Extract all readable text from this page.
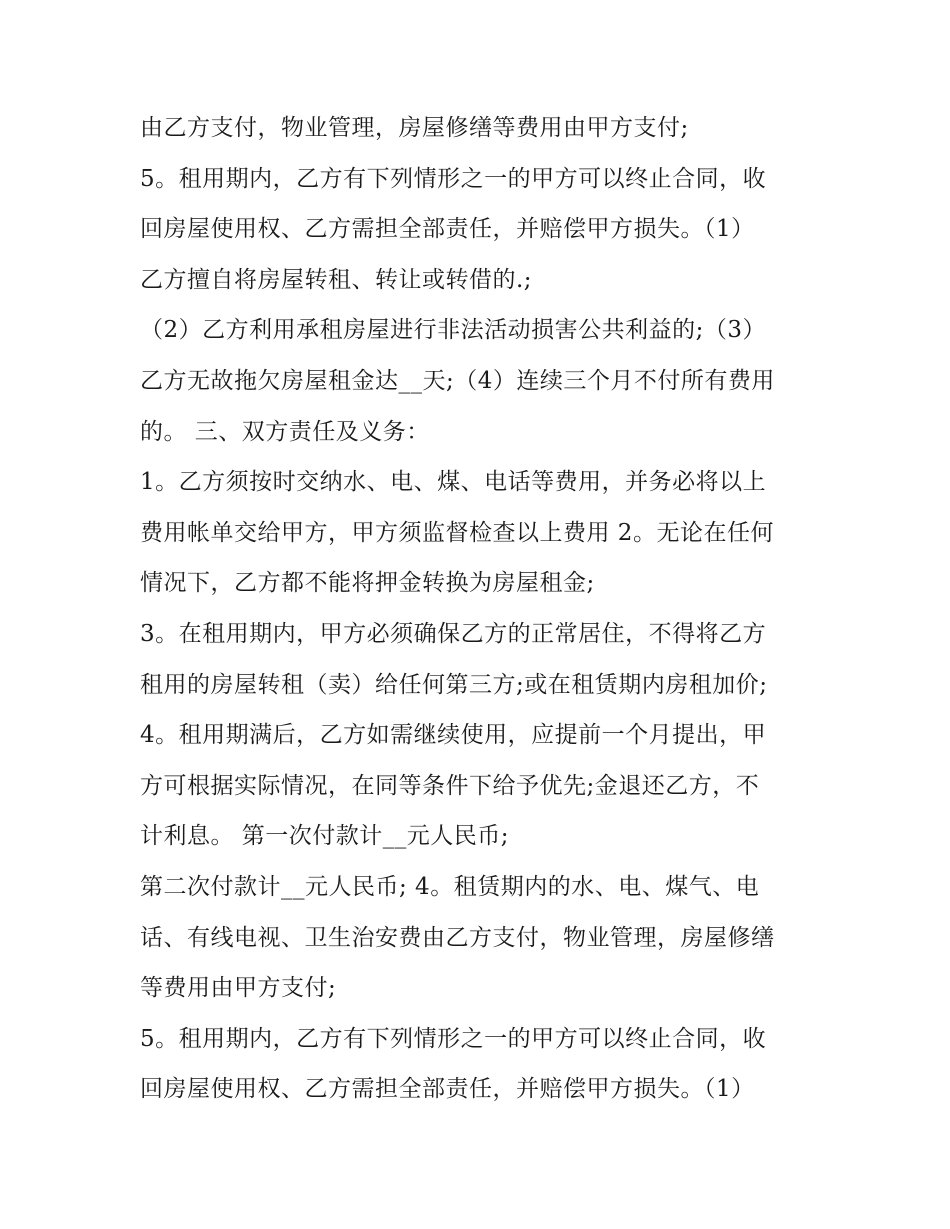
由乙方支付，物业管理，房屋修缮等费用由甲方支付;
5。租用期内，乙方有下列情形之一的甲方可以终止合同，收
回房屋使用权、乙方需担全部责任，并赔偿甲方损失。（1）
乙方擅自将房屋转租、转让或转借的.;
（2）乙方利用承租房屋进行非法活动损害公共利益的;（3）
乙方无故拖欠房屋租金达__天;（4）连续三个月不付所有费用
的。 三、双方责任及义务：
1。乙方须按时交纳水、电、煤、电话等费用，并务必将以上
费用帐单交给甲方，甲方须监督检查以上费用 2。无论在任何
情况下，乙方都不能将押金转换为房屋租金;
3。在租用期内，甲方必须确保乙方的正常居住，不得将乙方
租用的房屋转租（卖）给任何第三方;或在租赁期内房租加价;
4。租用期满后，乙方如需继续使用，应提前一个月提出，甲
方可根据实际情况，在同等条件下给予优先;金退还乙方，不
计利息。 第一次付款计__元人民币;
第二次付款计__元人民币; 4。租赁期内的水、电、煤气、电
话、有线电视、卫生治安费由乙方支付，物业管理，房屋修缮
等费用由甲方支付;
5。租用期内，乙方有下列情形之一的甲方可以终止合同，收
回房屋使用权、乙方需担全部责任，并赔偿甲方损失。（1）
